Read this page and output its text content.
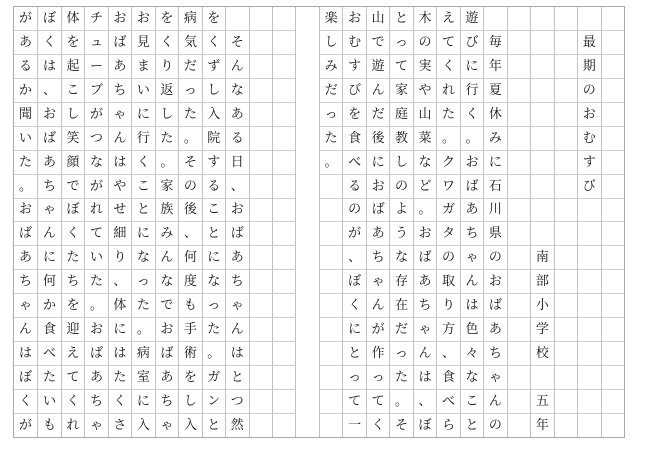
最
期
の
お
む
す
び
南
部
小
学
校

五
年
毎
年
夏
休
み
に
石
川
県
の
お
ば
あ
ち
ゃ
ん
の
遊
び
に
行
く
。
お
ば
あ
ち
ゃ
ん
は
色
々
な
こ
と
え
て
く
れ
た
。
ク
ワ
ガ
タ
の
取
り
方
、
食
べ
ら
木
の
実
や
山
菜
な
ど
。
お
ば
あ
ち
ゃ
ん
は
、
ぼ
と
っ
て
家
庭
教
し
の
よ
う
な
存
在
だ
っ
た
。
そ
山
で
遊
ん
だ
後
に
お
ば
あ
ち
ゃ
ん
が
作
っ
て
く
お
む
す
び
を
食
べ
る
の
が
、
ぼ
く
に
と
っ
て
一
楽
し
み
だ
っ
た
。
そ
ん
な
あ
る
日
、
お
ば
あ
ち
ゃ
ん
は
と
つ
然
を
く
ず
し
入
院
す
る
こ
と
に
な
っ
た
。
ガ
ン
と
病
気
だ
っ
た
。
そ
の
後
、
何
度
も
手
術
を
し
入
を
く
り
返
し
た
。
家
族
み
ん
な
で
お
ば
あ
ち
ゃ
お
見
ま
い
に
行
く
こ
と
に
な
っ
た
。
病
室
に
入
お
ば
あ
ち
ゃ
ん
は
や
せ
細
り
、
体
に
は
た
く
さ
チ
ュ
ー
ブ
が
つ
な
が
れ
て
い
た
。
お
ば
あ
ち
ゃ
体
を
起
こ
し
笑
顔
で
ぼ
く
た
ち
を
迎
え
て
く
れ
ぼ
く
は
、
お
ば
あ
ち
ゃ
ん
に
何
か
食
べ
た
い
も
が
あ
る
か
聞
い
た
。
お
ば
あ
ち
ゃ
ん
は
ぼ
く
が
